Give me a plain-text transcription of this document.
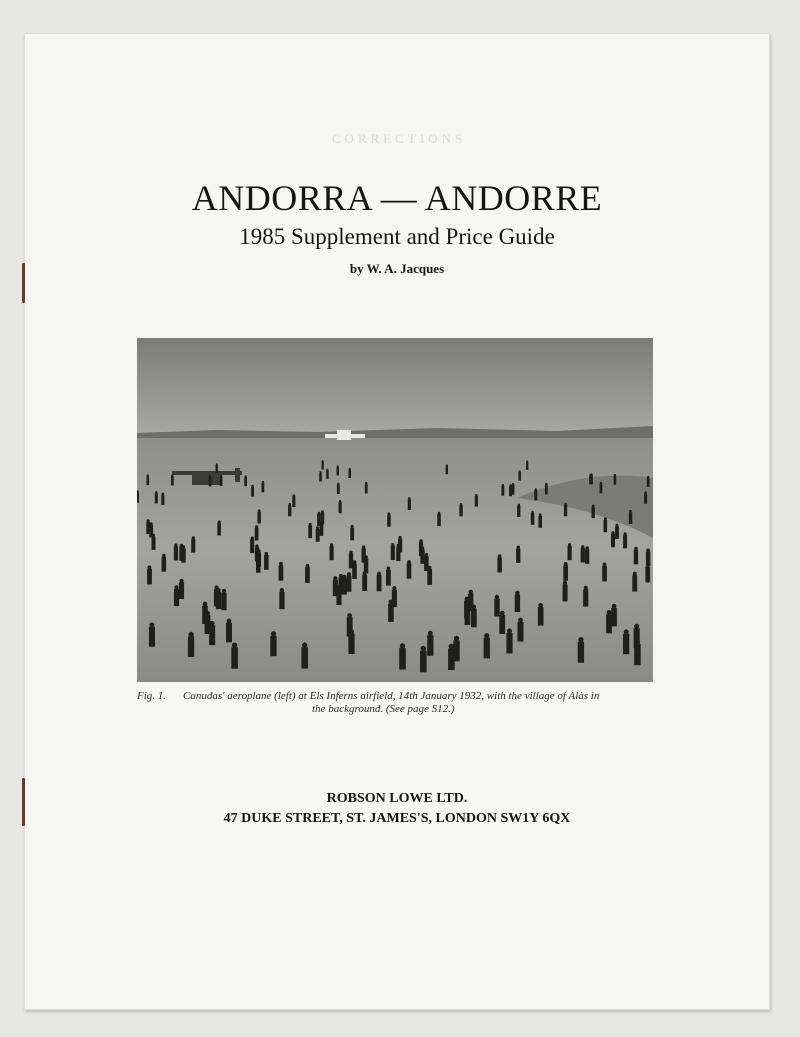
CORRECTIONS
ANDORRA — ANDORRE
1985 Supplement and Price Guide
by W. A. Jacques
Fig. 1. Canudas' aeroplane (left) at Els Inferns airfield, 14th January 1932, with the village of Alàs in
the background. (See page S12.)
ROBSON LOWE LTD.
47 DUKE STREET, ST. JAMES'S, LONDON SW1Y 6QX
